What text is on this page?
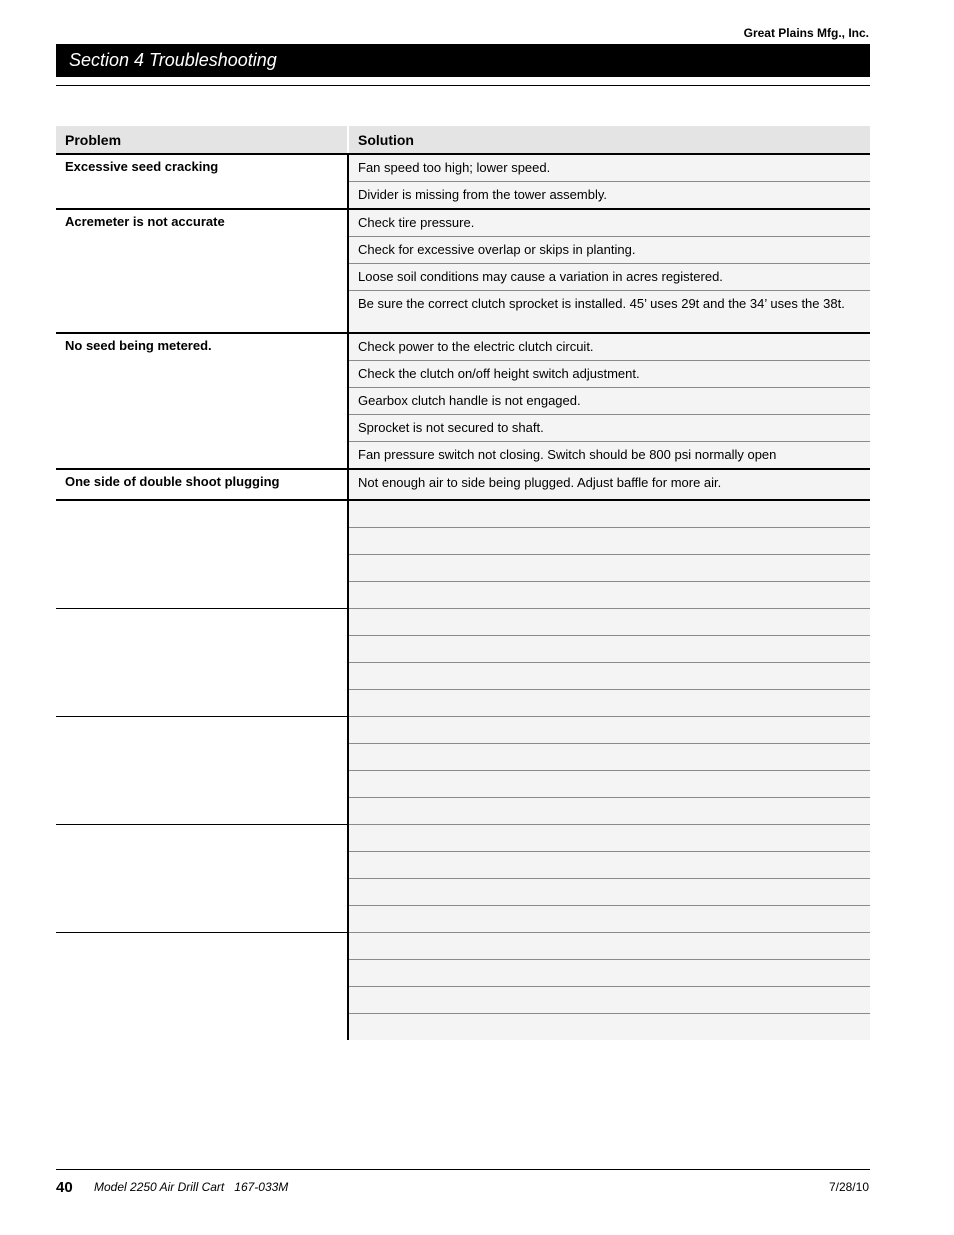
Great Plains Mfg., Inc.
Section 4 Troubleshooting
Problem	Solution
Excessive seed cracking	Fan speed too high; lower speed.
	Divider is missing from the tower assembly.
Acremeter is not accurate	Check tire pressure.
	Check for excessive overlap or skips in planting.
	Loose soil conditions may cause a variation in acres registered.
	Be sure the correct clutch sprocket is installed. 45’ uses 29t and the 34’ uses the 38t.
No seed being metered.	Check power to the electric clutch circuit.
	Check the clutch on/off height switch adjustment.
	Gearbox clutch handle is not engaged.
	Sprocket is not secured to shaft.
	Fan pressure switch not closing. Switch should be 800 psi normally open
One side of double shoot plugging	Not enough air to side being plugged. Adjust baffle for more air.

40 Model 2250 Air Drill Cart   167-033M	7/28/10
